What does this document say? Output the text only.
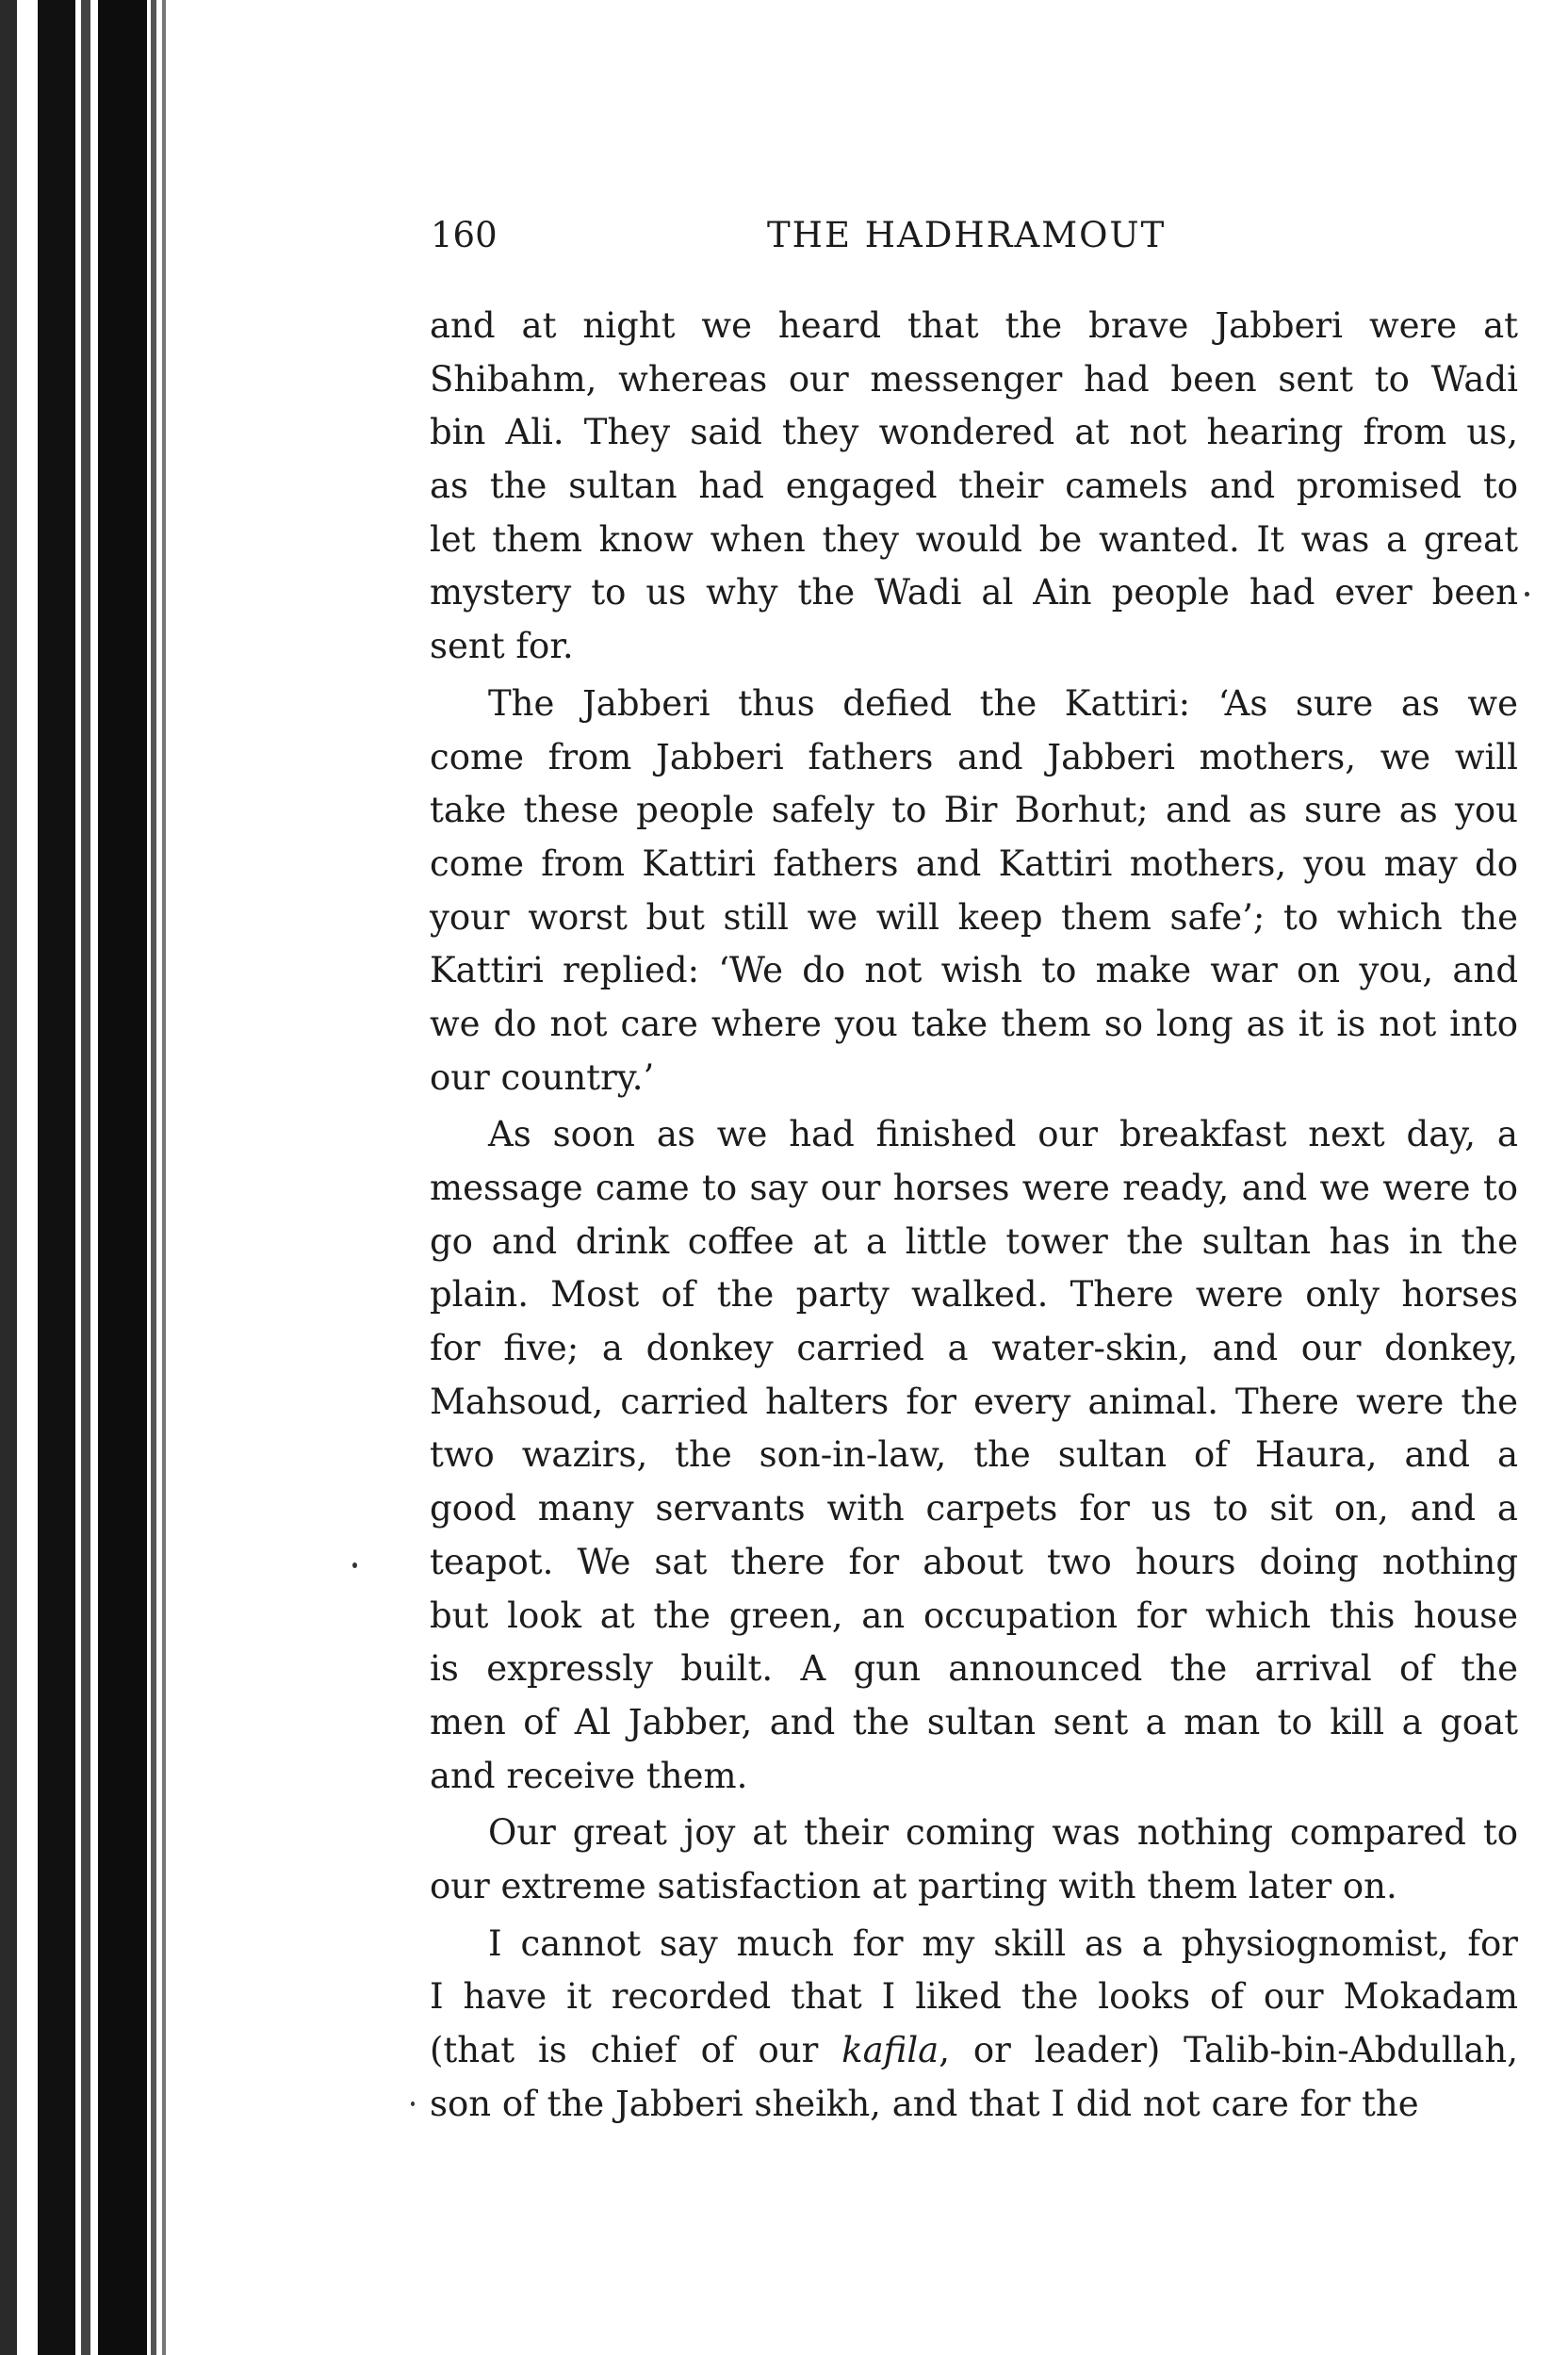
160	THE HADHRAMOUT
and at night we heard that the brave Jabberi were at
Shibahm, whereas our messenger had been sent to Wadi
bin Ali. They said they wondered at not hearing from us,
as the sultan had engaged their camels and promised to
let them know when they would be wanted. It was a great
mystery to us why the Wadi al Ain people had ever been
sent for.
The Jabberi thus defied the Kattiri: ‘As sure as we
come from Jabberi fathers and Jabberi mothers, we will
take these people safely to Bir Borhut; and as sure as you
come from Kattiri fathers and Kattiri mothers, you may do
your worst but still we will keep them safe’; to which the
Kattiri replied: ‘We do not wish to make war on you, and
we do not care where you take them so long as it is not into
our country.’
As soon as we had finished our breakfast next day, a
message came to say our horses were ready, and we were to
go and drink coffee at a little tower the sultan has in the
plain. Most of the party walked. There were only horses
for five; a donkey carried a water-skin, and our donkey,
Mahsoud, carried halters for every animal. There were the
two wazirs, the son-in-law, the sultan of Haura, and a
good many servants with carpets for us to sit on, and a
teapot. We sat there for about two hours doing nothing
but look at the green, an occupation for which this house
is expressly built. A gun announced the arrival of the
men of Al Jabber, and the sultan sent a man to kill a goat
and receive them.
Our great joy at their coming was nothing compared to
our extreme satisfaction at parting with them later on.
I cannot say much for my skill as a physiognomist, for
I have it recorded that I liked the looks of our Mokadam
(that is chief of our kafila, or leader) Talib-bin-Abdullah,
son of the Jabberi sheikh, and that I did not care for the
